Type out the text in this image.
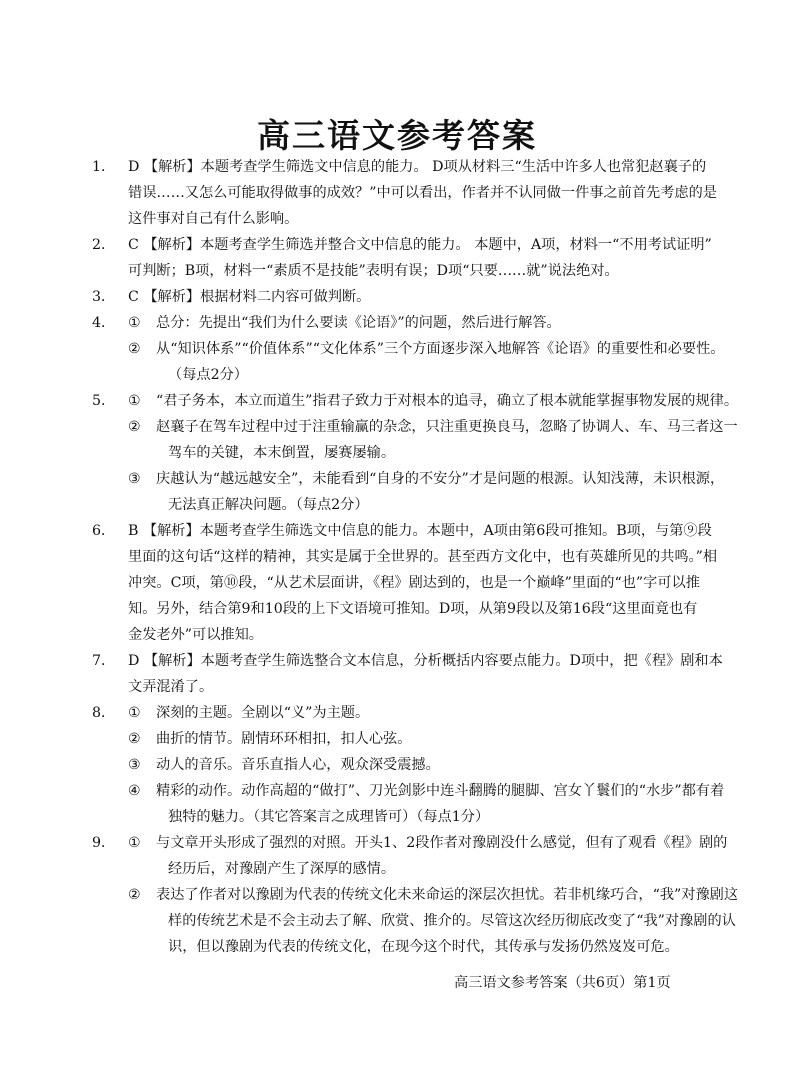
高三语文参考答案
1． D 【解析】本题考查学生筛选文中信息的能力。 D项从材料三“生活中许多人也常犯赵襄子的
错误……又怎么可能取得做事的成效？”中可以看出，作者并不认同做一件事之前首先考虑的是
这件事对自己有什么影响。
2． C 【解析】本题考查学生筛选并整合文中信息的能力。 本题中，A项，材料一“不用考试证明”
可判断；B项，材料一“素质不是技能”表明有误；D项“只要……就”说法绝对。
3． C 【解析】根据材料二内容可做判断。
4． ① 总分：先提出“我们为什么要读《论语》”的问题，然后进行解答。
② 从“知识体系”“价值体系”“文化体系”三个方面逐步深入地解答《论语》的重要性和必要性。
（每点2分）
5． ① “君子务本，本立而道生”指君子致力于对根本的追寻，确立了根本就能掌握事物发展的规律。
② 赵襄子在驾车过程中过于注重输赢的杂念，只注重更换良马，忽略了协调人、车、马三者这一
驾车的关键，本末倒置，屡赛屡输。
③ 庆越认为“越远越安全”，未能看到“自身的不安分”才是问题的根源。认知浅薄，未识根源，
无法真正解决问题。（每点2分）
6． B 【解析】本题考查学生筛选文中信息的能力。本题中，A项由第6段可推知。B项，与第⑨段
里面的这句话“这样的精神，其实是属于全世界的。甚至西方文化中，也有英雄所见的共鸣。”相
冲突。C项，第⑩段，“从艺术层面讲，《程》剧达到的，也是一个巅峰”里面的“也”字可以推
知。另外，结合第9和10段的上下文语境可推知。D项，从第9段以及第16段“这里面竟也有
金发老外”可以推知。
7． D 【解析】本题考查学生筛选整合文本信息，分析概括内容要点能力。D项中，把《程》剧和本
文弄混淆了。
8． ① 深刻的主题。全剧以“义”为主题。
② 曲折的情节。剧情环环相扣，扣人心弦。
③ 动人的音乐。音乐直指人心，观众深受震撼。
④ 精彩的动作。动作高超的“做打”、刀光剑影中连斗翻腾的腿脚、宫女丫鬟们的“水步”都有着
独特的魅力。（其它答案言之成理皆可）（每点1分）
9． ① 与文章开头形成了强烈的对照。开头1、2段作者对豫剧没什么感觉，但有了观看《程》剧的
经历后，对豫剧产生了深厚的感情。
② 表达了作者对以豫剧为代表的传统文化未来命运的深层次担忧。若非机缘巧合，“我”对豫剧这
样的传统艺术是不会主动去了解、欣赏、推介的。尽管这次经历彻底改变了“我”对豫剧的认
识，但以豫剧为代表的传统文化，在现今这个时代，其传承与发扬仍然岌岌可危。
高三语文参考答案（共6页）第1页
